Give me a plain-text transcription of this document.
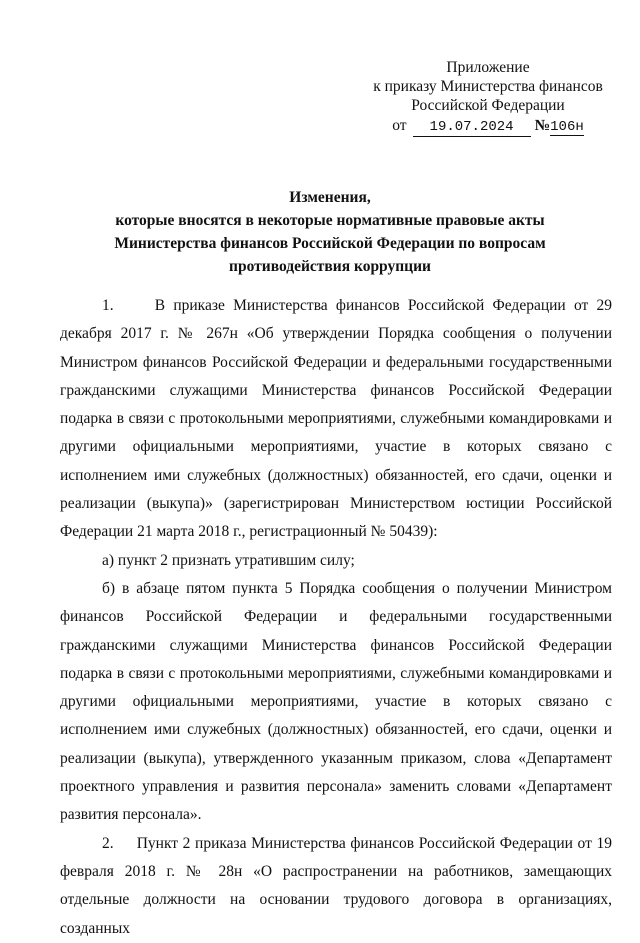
Приложение
к приказу Министерства финансов
Российской Федерации
от 19.07.2024 №106н
Изменения,
которые вносятся в некоторые нормативные правовые акты
Министерства финансов Российской Федерации по вопросам
противодействия коррупции

1.     В приказе Министерства финансов Российской Федерации от 29 декабря 2017 г. № 267н «Об утверждении Порядка сообщения о получении Министром финансов Российской Федерации и федеральными государственными гражданскими служащими Министерства финансов Российской Федерации подарка в связи с протокольными мероприятиями, служебными командировками и другими официальными мероприятиями, участие в которых связано с исполнением ими служебных (должностных) обязанностей, его сдачи, оценки и реализации (выкупа)» (зарегистрирован Министерством юстиции Российской Федерации 21 марта 2018 г., регистрационный № 50439):

а) пункт 2 признать утратившим силу;

б) в абзаце пятом пункта 5 Порядка сообщения о получении Министром финансов Российской Федерации и федеральными государственными гражданскими служащими Министерства финансов Российской Федерации подарка в связи с протокольными мероприятиями, служебными командировками и другими официальными мероприятиями, участие в которых связано с исполнением ими служебных (должностных) обязанностей, его сдачи, оценки и реализации (выкупа), утвержденного указанным приказом, слова «Департамент проектного управления и развития персонала» заменить словами «Департамент развития персонала».

2.     Пункт 2 приказа Министерства финансов Российской Федерации от 19 февраля 2018 г. № 28н «О распространении на работников, замещающих отдельные должности на основании трудового договора в организациях, созданных
